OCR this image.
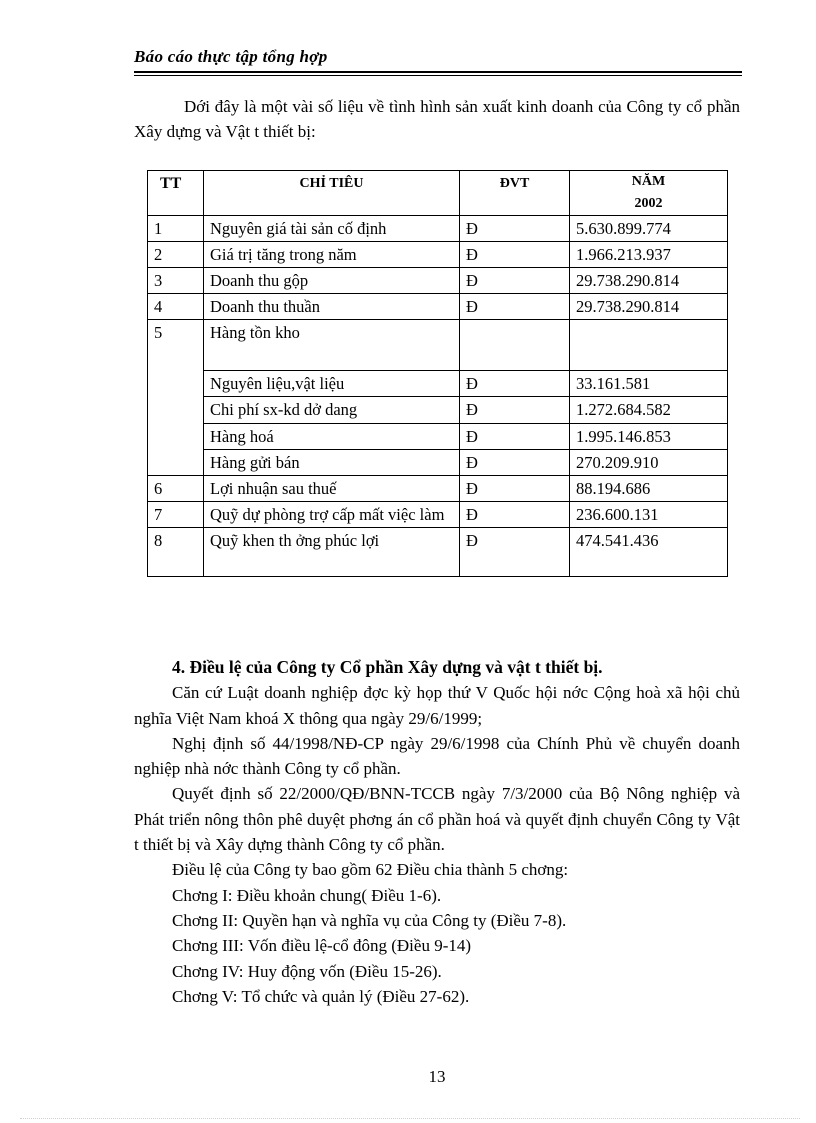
Báo cáo thực tập tổng hợp
Dới đây là một vài số liệu về tình hình sản xuất kinh doanh của Công ty cổ phần Xây dựng và Vật t thiết bị:
TT	CHỈ TIÊU	ĐVT	NĂM
2002

1	Nguyên giá tài sản cố định	Đ	5.630.899.774
2	Giá trị tăng trong năm	Đ	1.966.213.937
3	Doanh thu gộp	Đ	29.738.290.814
4	Doanh thu thuần	Đ	29.738.290.814
5	Hàng tồn kho		
	Nguyên liệu,vật liệu	Đ	33.161.581
	Chi phí sx-kd dở dang	Đ	1.272.684.582
	Hàng hoá	Đ	1.995.146.853
	Hàng gửi bán	Đ	270.209.910
6	Lợi nhuận sau thuế	Đ	88.194.686
7	Quỹ dự phòng trợ cấp mất việc làm	Đ	236.600.131
8	Quỹ khen th ởng phúc lợi	Đ	474.541.436

4. Điều lệ của Công ty Cổ phần Xây dựng và vật t thiết bị.

Căn cứ Luật doanh nghiệp đợc kỳ họp thứ V Quốc hội nớc Cộng hoà xã hội chủ nghĩa Việt Nam khoá X thông qua ngày 29/6/1999;

Nghị định số 44/1998/NĐ-CP ngày 29/6/1998 của Chính Phủ về chuyển doanh nghiệp nhà nớc thành Công ty cổ phần.

Quyết định số 22/2000/QĐ/BNN-TCCB ngày 7/3/2000 của Bộ Nông nghiệp và Phát triển nông thôn phê duyệt phơng án cổ phần hoá và quyết định chuyển Công ty Vật t thiết bị và Xây dựng thành Công ty cổ phần.

Điều lệ của Công ty bao gồm 62 Điều chia thành 5 chơng:

Chơng I: Điều khoản chung( Điều 1-6).

Chơng II: Quyền hạn và nghĩa vụ của Công ty (Điều 7-8).

Chơng III: Vốn điều lệ-cổ đông (Điều 9-14)

Chơng IV: Huy động vốn (Điều 15-26).

Chơng V: Tổ chức và quản lý (Điều 27-62).

13
